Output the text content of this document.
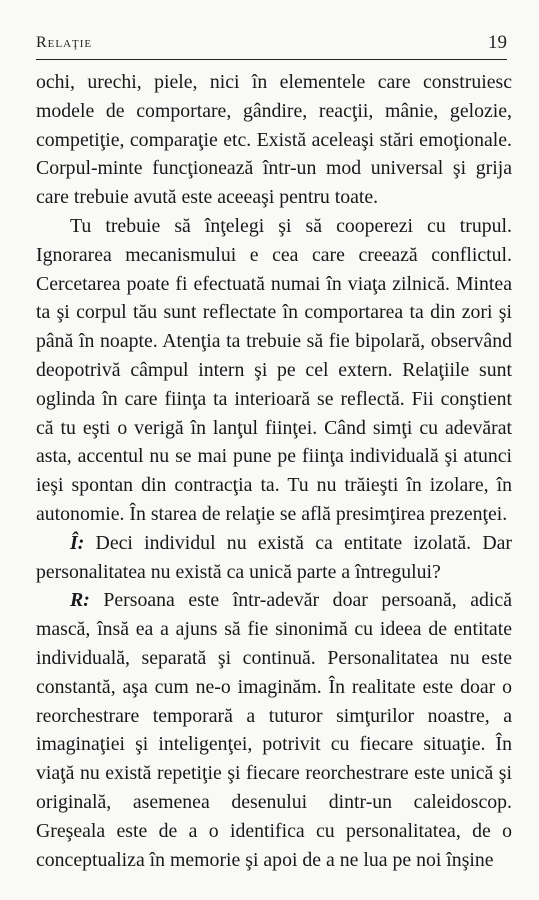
Relaţie	19

ochi, urechi, piele, nici în elementele care construiesc modele de comportare, gândire, reacţii, mânie, gelozie, competiţie, comparaţie etc. Există aceleaşi stări emoţionale. Corpul-minte funcţionează într-un mod universal şi grija care trebuie avută este aceeaşi pentru toate.

Tu trebuie să înţelegi şi să cooperezi cu trupul. Ignorarea mecanismului e cea care creează conflictul. Cercetarea poate fi efectuată numai în viaţa zilnică. Mintea ta şi corpul tău sunt reflectate în comportarea ta din zori şi până în noapte. Atenţia ta trebuie să fie bipolară, observând deopotrivă câmpul intern şi pe cel extern. Relaţiile sunt oglinda în care fiinţa ta interioară se reflectă. Fii conştient că tu eşti o verigă în lanţul fiinţei. Când simţi cu adevărat asta, accentul nu se mai pune pe fiinţa individuală şi atunci ieşi spontan din contracţia ta. Tu nu trăieşti în izolare, în autonomie. În starea de relaţie se află presimţirea prezenţei.

Î: Deci individul nu există ca entitate izolată. Dar personalitatea nu există ca unică parte a întregului?

R: Persoana este într-adevăr doar persoană, adică mască, însă ea a ajuns să fie sinonimă cu ideea de entitate individuală, separată şi continuă. Personalitatea nu este constantă, aşa cum ne-o imaginăm. În realitate este doar o reorchestrare temporară a tuturor simţurilor noastre, a imaginaţiei şi inteligenţei, potrivit cu fiecare situaţie. În viaţă nu există repetiţie şi fiecare reorchestrare este unică şi originală, asemenea desenului dintr-un caleidoscop. Greşeala este de a o identifica cu personalitatea, de o conceptualiza în memorie şi apoi de a ne lua pe noi înşine
